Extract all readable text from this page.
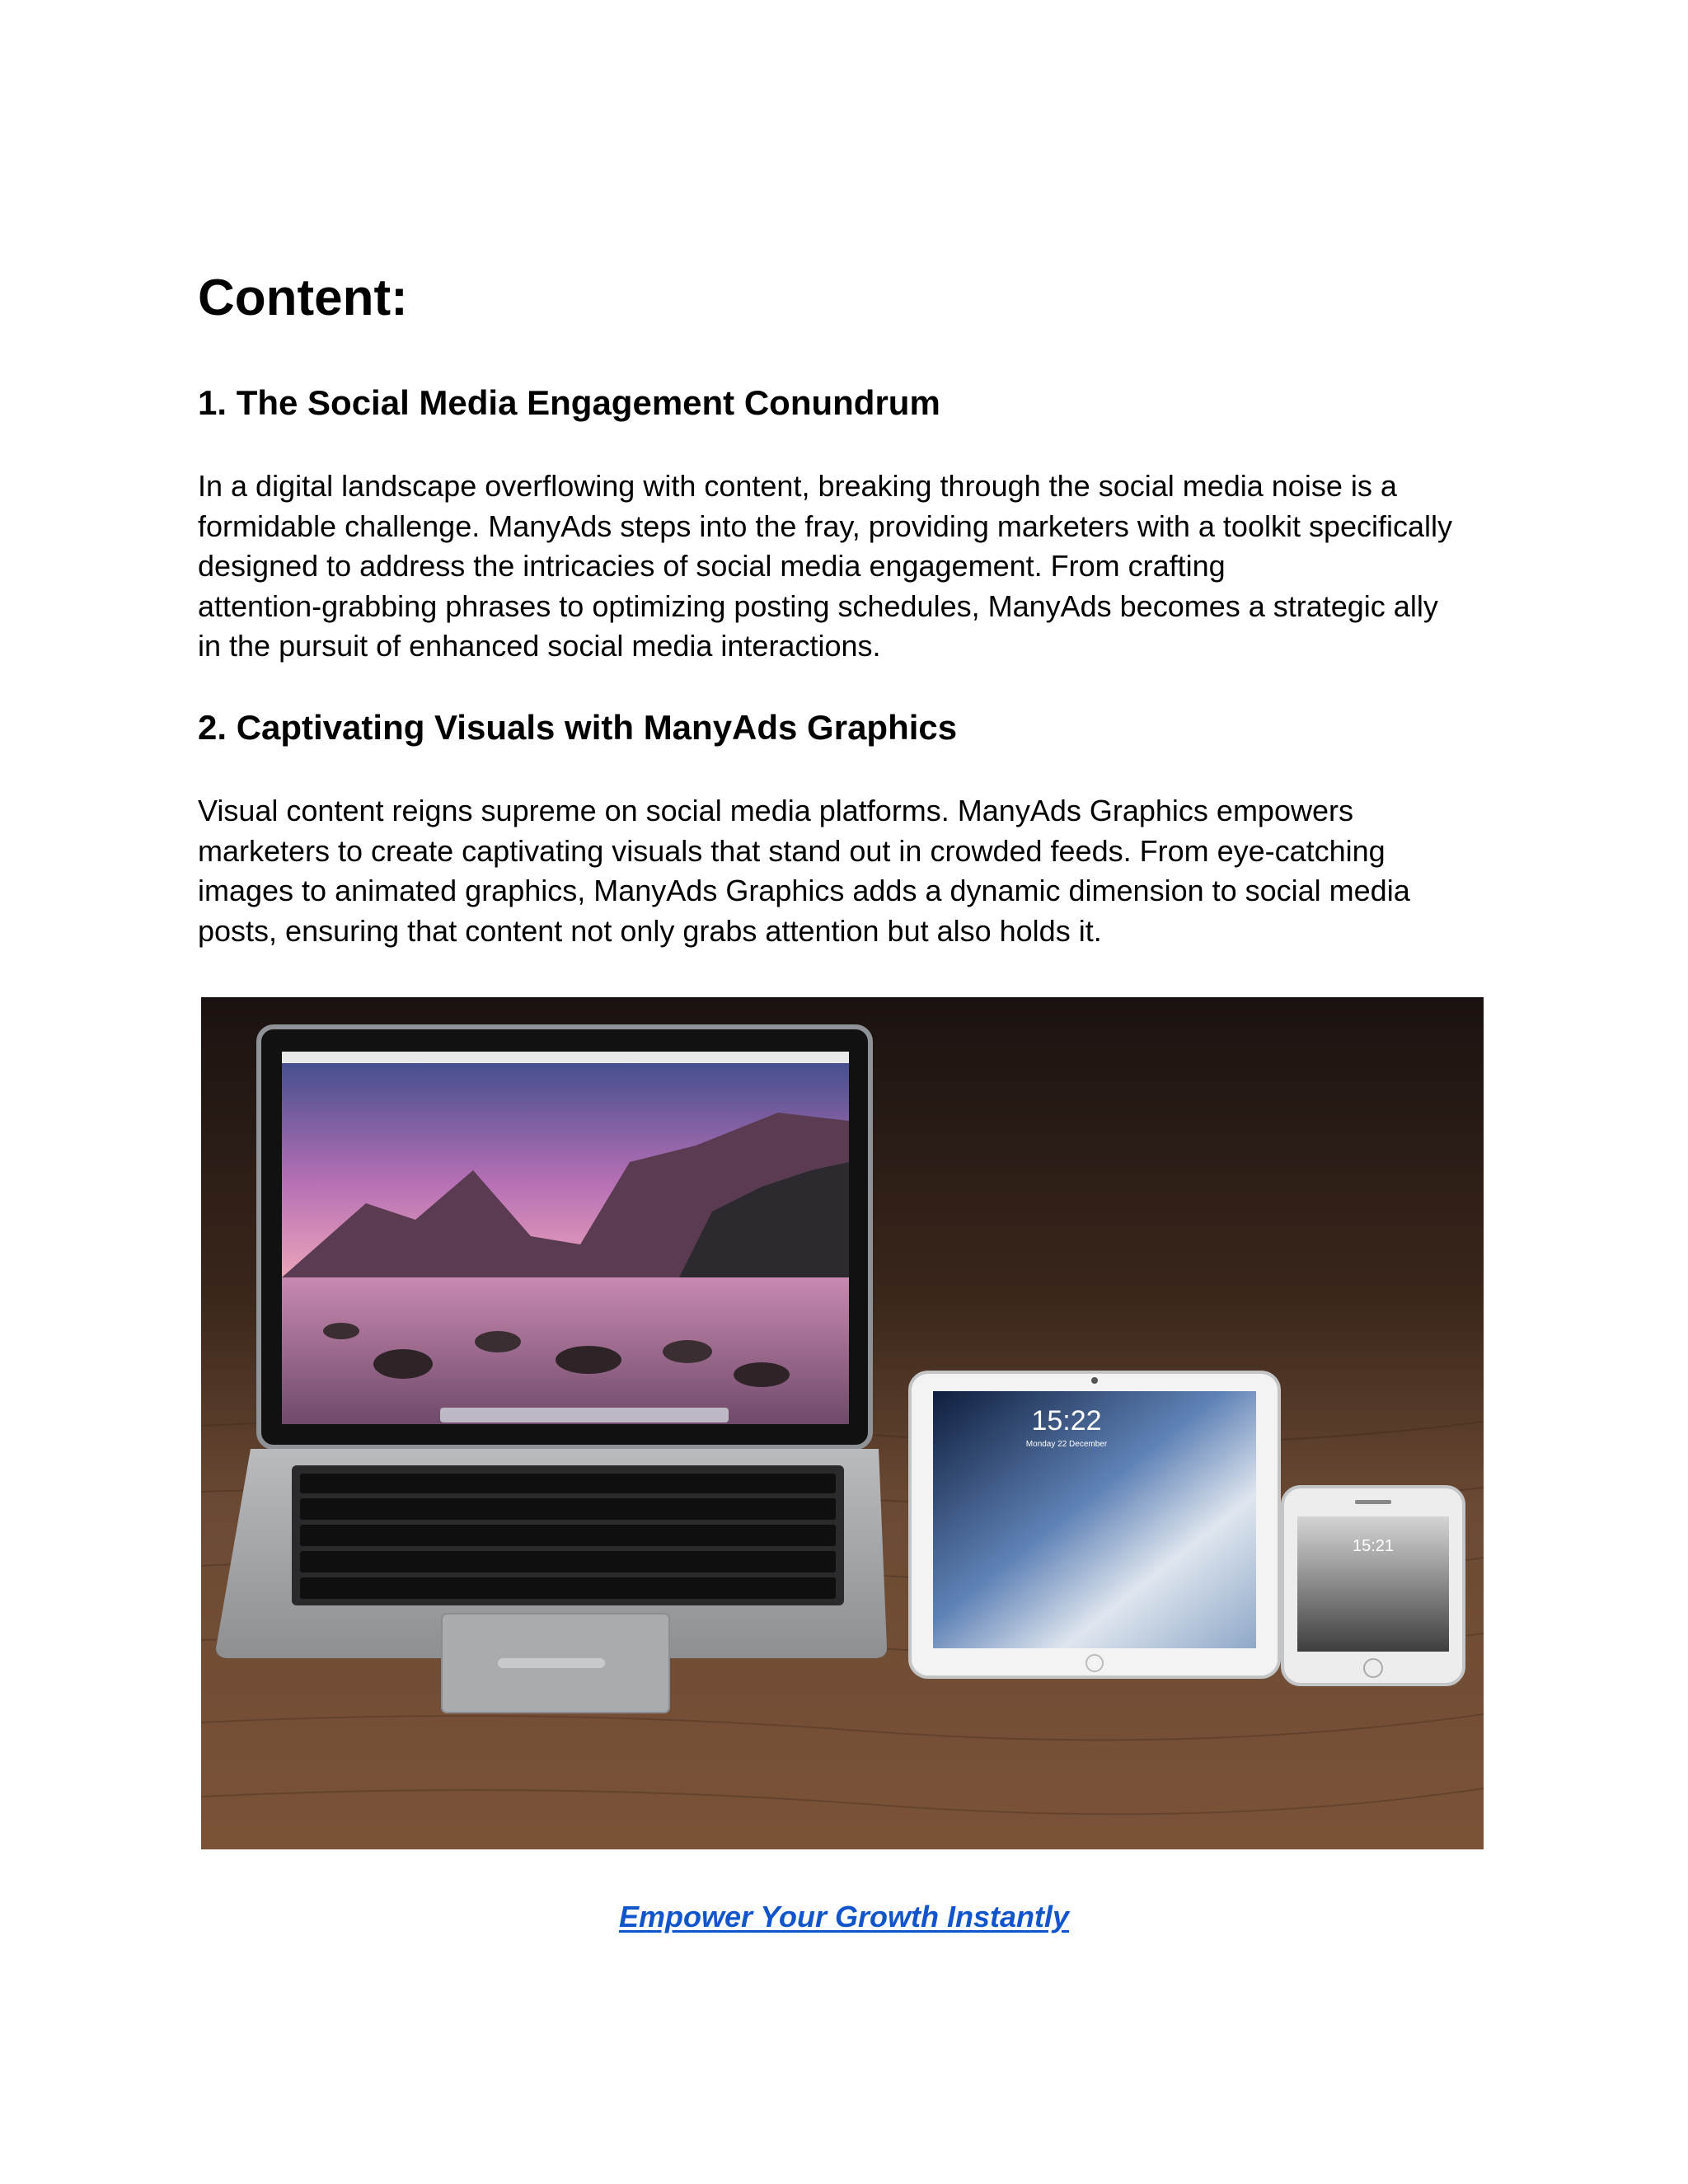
Content:
1. The Social Media Engagement Conundrum

In a digital landscape overflowing with content, breaking through the social media noise is a
formidable challenge. ManyAds steps into the fray, providing marketers with a toolkit specifically
designed to address the intricacies of social media engagement. From crafting
attention-grabbing phrases to optimizing posting schedules, ManyAds becomes a strategic ally
in the pursuit of enhanced social media interactions.

2. Captivating Visuals with ManyAds Graphics

Visual content reigns supreme on social media platforms. ManyAds Graphics empowers
marketers to create captivating visuals that stand out in crowded feeds. From eye-catching
images to animated graphics, ManyAds Graphics adds a dynamic dimension to social media
posts, ensuring that content not only grabs attention but also holds it.

15:22
Monday 22 December
15:21
Empower Your Growth Instantly
